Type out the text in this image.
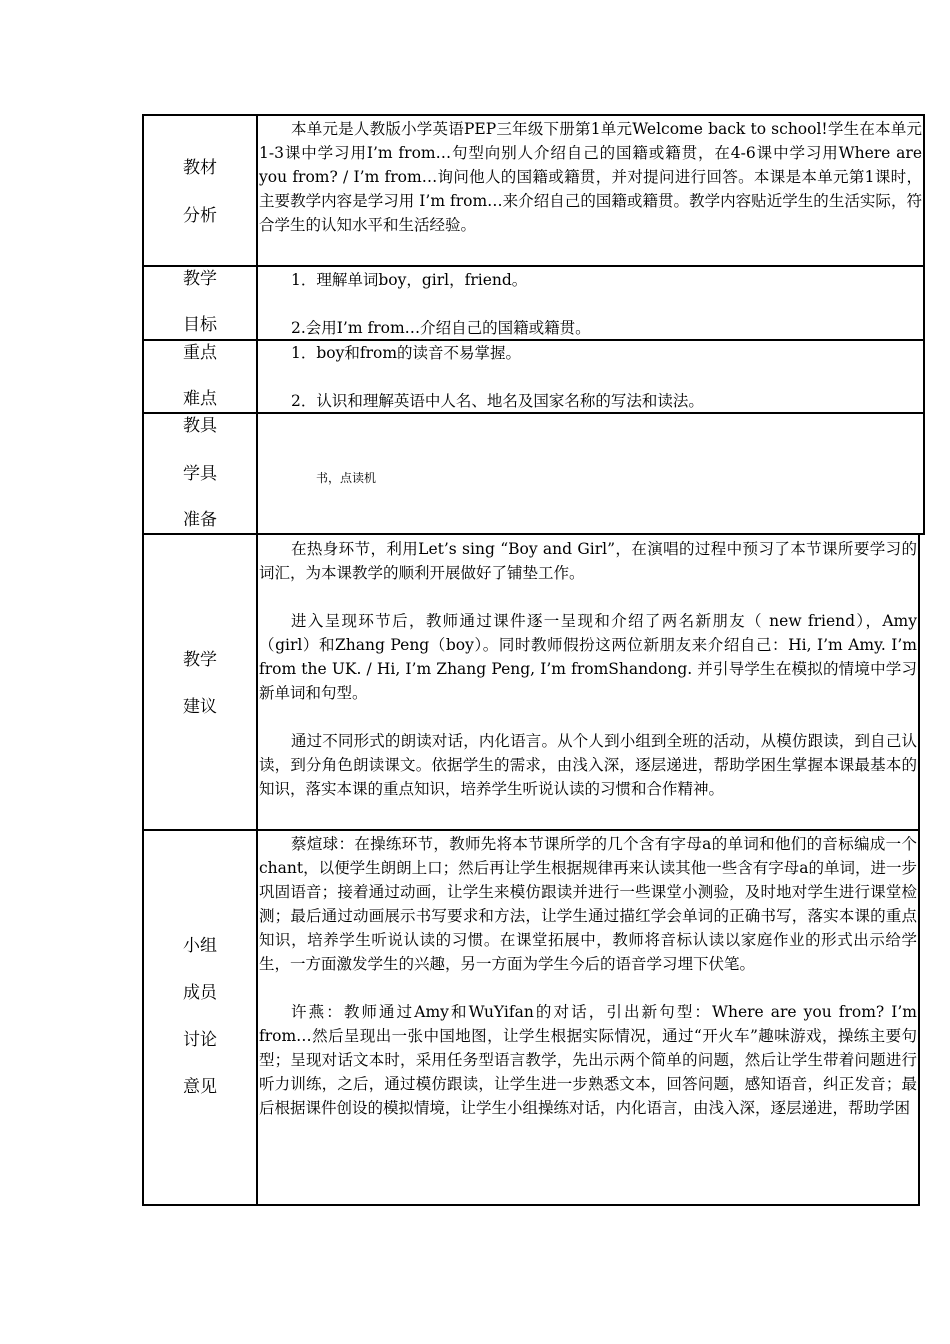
教材
分析

本单元是人教版小学英语PEP三年级下册第1单元Welcome back to school!学生在本单元1-3课中学习用I’m from…句型向别人介绍自己的国籍或籍贯，在4-6课中学习用Where are you from? / I’m from…询问他人的国籍或籍贯，并对提问进行回答。本课是本单元第1课时，主要教学内容是学习用 I’m from…来介绍自己的国籍或籍贯。教学内容贴近学生的生活实际，符合学生的认知水平和生活经验。

教学
目标

1．理解单词boy，girl，friend。

2.会用I’m from…介绍自己的国籍或籍贯。

重点
难点

1．boy和from的读音不易掌握。

2．认识和理解英语中人名、地名及国家名称的写法和读法。

教具
学具
准备
书，点读机
教学
建议

在热身环节，利用Let’s sing “Boy and Girl”，在演唱的过程中预习了本节课所要学习的词汇，为本课教学的顺利开展做好了铺垫工作。

进入呈现环节后，教师通过课件逐一呈现和介绍了两名新朋友（ new friend），Amy（girl）和Zhang Peng（boy）。同时教师假扮这两位新朋友来介绍自己：Hi, I’m Amy. I’m from the UK. / Hi, I’m Zhang Peng, I’m fromShandong. 并引导学生在模拟的情境中学习新单词和句型。

通过不同形式的朗读对话，内化语言。从个人到小组到全班的活动，从模仿跟读，到自己认读，到分角色朗读课文。依据学生的需求，由浅入深，逐层递进，帮助学困生掌握本课最基本的知识，落实本课的重点知识，培养学生听说认读的习惯和合作精神。

小组
成员
讨论
意见

蔡煊球：在操练环节，教师先将本节课所学的几个含有字母a的单词和他们的音标编成一个chant，以便学生朗朗上口；然后再让学生根据规律再来认读其他一些含有字母a的单词，进一步巩固语音；接着通过动画，让学生来模仿跟读并进行一些课堂小测验，及时地对学生进行课堂检测；最后通过动画展示书写要求和方法，让学生通过描红学会单词的正确书写，落实本课的重点知识，培养学生听说认读的习惯。在课堂拓展中，教师将音标认读以家庭作业的形式出示给学生，一方面激发学生的兴趣，另一方面为学生今后的语音学习埋下伏笔。

许燕：教师通过Amy和WuYifan的对话，引出新句型：Where are you from? I’m from…然后呈现出一张中国地图，让学生根据实际情况，通过“开火车”趣味游戏，操练主要句型；呈现对话文本时，采用任务型语言教学，先出示两个简单的问题，然后让学生带着问题进行听力训练，之后，通过模仿跟读，让学生进一步熟悉文本，回答问题，感知语音，纠正发音；最后根据课件创设的模拟情境，让学生小组操练对话，内化语言，由浅入深，逐层递进，帮助学困
